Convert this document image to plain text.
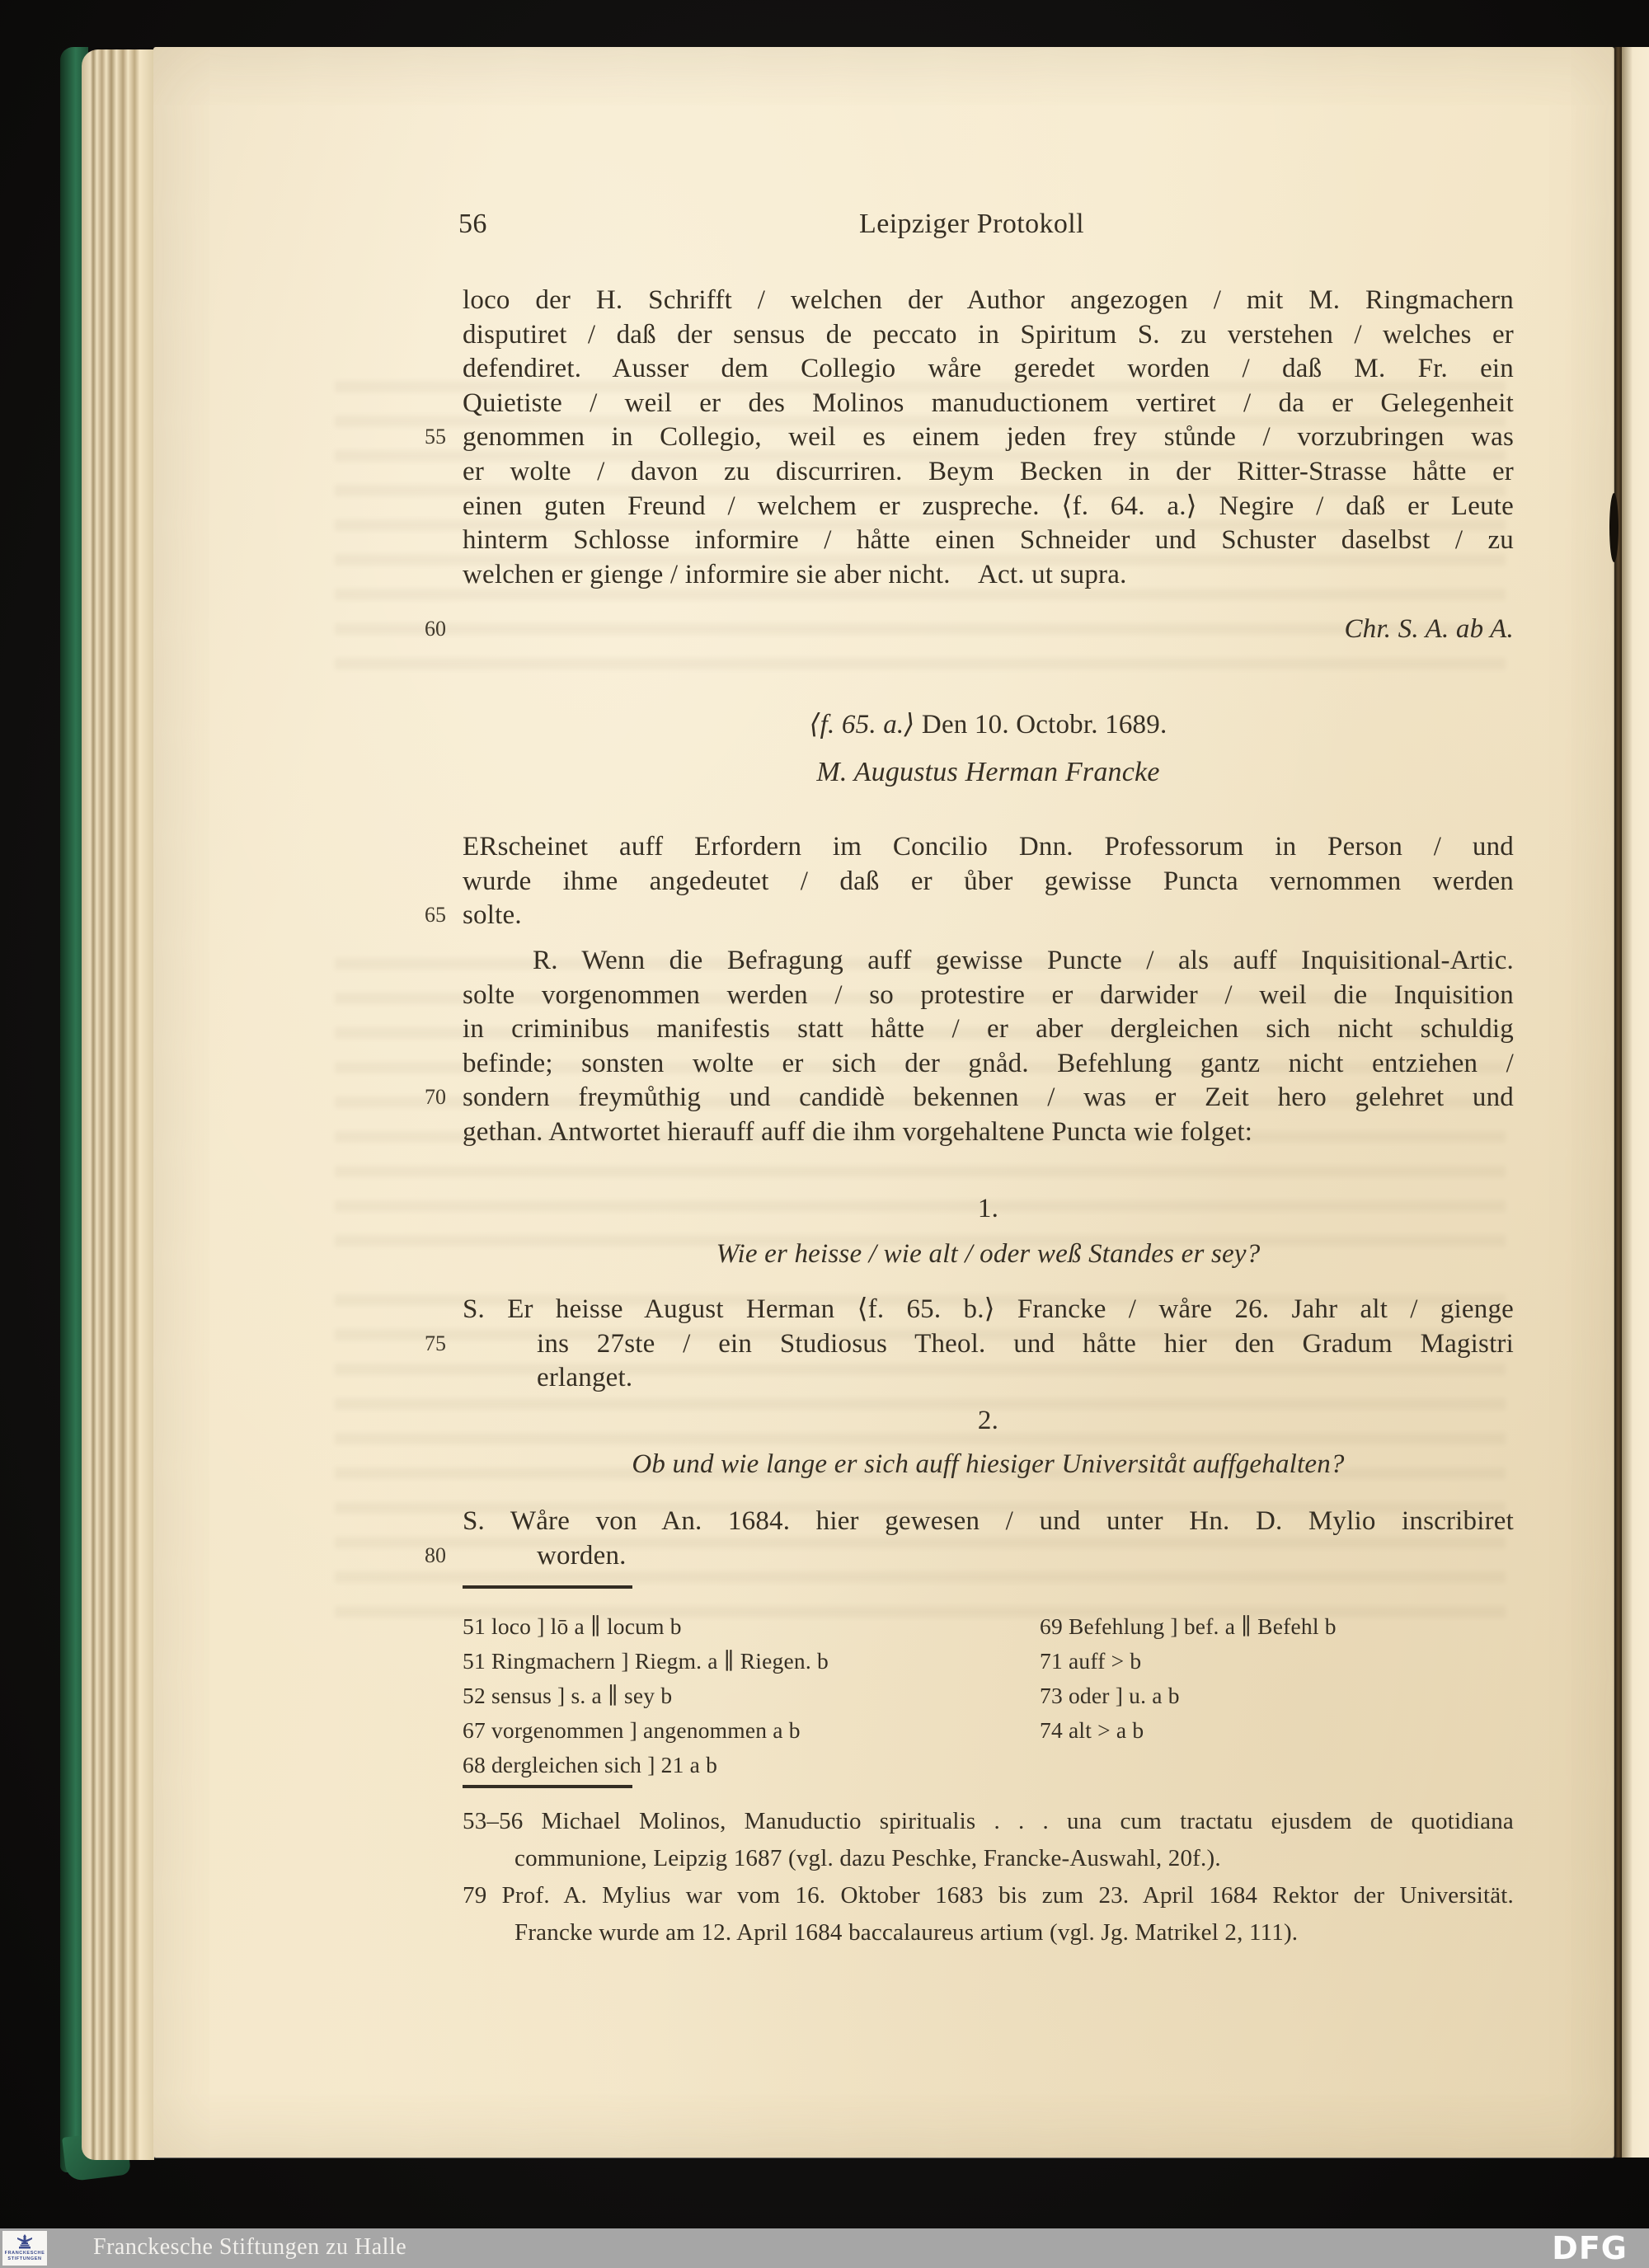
56	Leipziger Protokoll
55
60
65
70
75
80
loco der H. Schrifft / welchen der Author angezogen / mit M. Ringmachern
disputiret / daß der sensus de peccato in Spiritum S. zu verstehen / welches er
defendiret. Ausser dem Collegio wåre geredet worden / daß M. Fr. ein
Quietiste / weil er des Molinos manuductionem vertiret / da er Gelegenheit
genommen in Collegio, weil es einem jeden frey stůnde / vorzubringen was
er wolte / davon zu discurriren. Beym Becken in der Ritter-Strasse håtte er
einen guten Freund / welchem er zuspreche. ⟨f. 64. a.⟩ Negire / daß er Leute
hinterm Schlosse informire / håtte einen Schneider und Schuster daselbst / zu
welchen er gienge / informire sie aber nicht. Act. ut supra.
Chr. S. A. ab A.
⟨f. 65. a.⟩ Den 10. Octobr. 1689.
M. Augustus Herman Francke
ERscheinet auff Erfordern im Concilio Dnn. Professorum in Person / und
wurde ihme angedeutet / daß er ůber gewisse Puncta vernommen werden
solte.
R. Wenn die Befragung auff gewisse Puncte / als auff Inquisitional-Artic.
solte vorgenommen werden / so protestire er darwider / weil die Inquisition
in criminibus manifestis statt håtte / er aber dergleichen sich nicht schuldig
befinde; sonsten wolte er sich der gnåd. Befehlung gantz nicht entziehen /
sondern freymůthig und candidè bekennen / was er Zeit hero gelehret und
gethan. Antwortet hierauff auff die ihm vorgehaltene Puncta wie folget:
1.
Wie er heisse / wie alt / oder weß Standes er sey?
S. Er heisse August Herman ⟨f. 65. b.⟩ Francke / wåre 26. Jahr alt / gienge
ins 27ste / ein Studiosus Theol. und håtte hier den Gradum Magistri
erlanget.
2.
Ob und wie lange er sich auff hiesiger Universitåt auffgehalten?
S. Wåre von An. 1684. hier gewesen / und unter Hn. D. Mylio inscribiret
worden.
51 loco ] lō a ∥ locum b
51 Ringmachern ] Riegm. a ∥ Riegen. b
52 sensus ] s. a ∥ sey b
67 vorgenommen ] angenommen a b
68 dergleichen sich ] 21 a b
69 Befehlung ] bef. a ∥ Befehl b
71 auff > b
73 oder ] u. a b
74 alt > a b
53–56 Michael Molinos, Manuductio spiritualis . . . una cum tractatu ejusdem de quotidiana
communione, Leipzig 1687 (vgl. dazu Peschke, Francke-Auswahl, 20f.).
79 Prof. A. Mylius war vom 16. Oktober 1683 bis zum 23. April 1684 Rektor der Universität.
Francke wurde am 12. April 1684 baccalaureus artium (vgl. Jg. Matrikel 2, 111).
FRANCKESCHE
STIFTUNGEN Franckesche Stiftungen zu Halle	DFG
